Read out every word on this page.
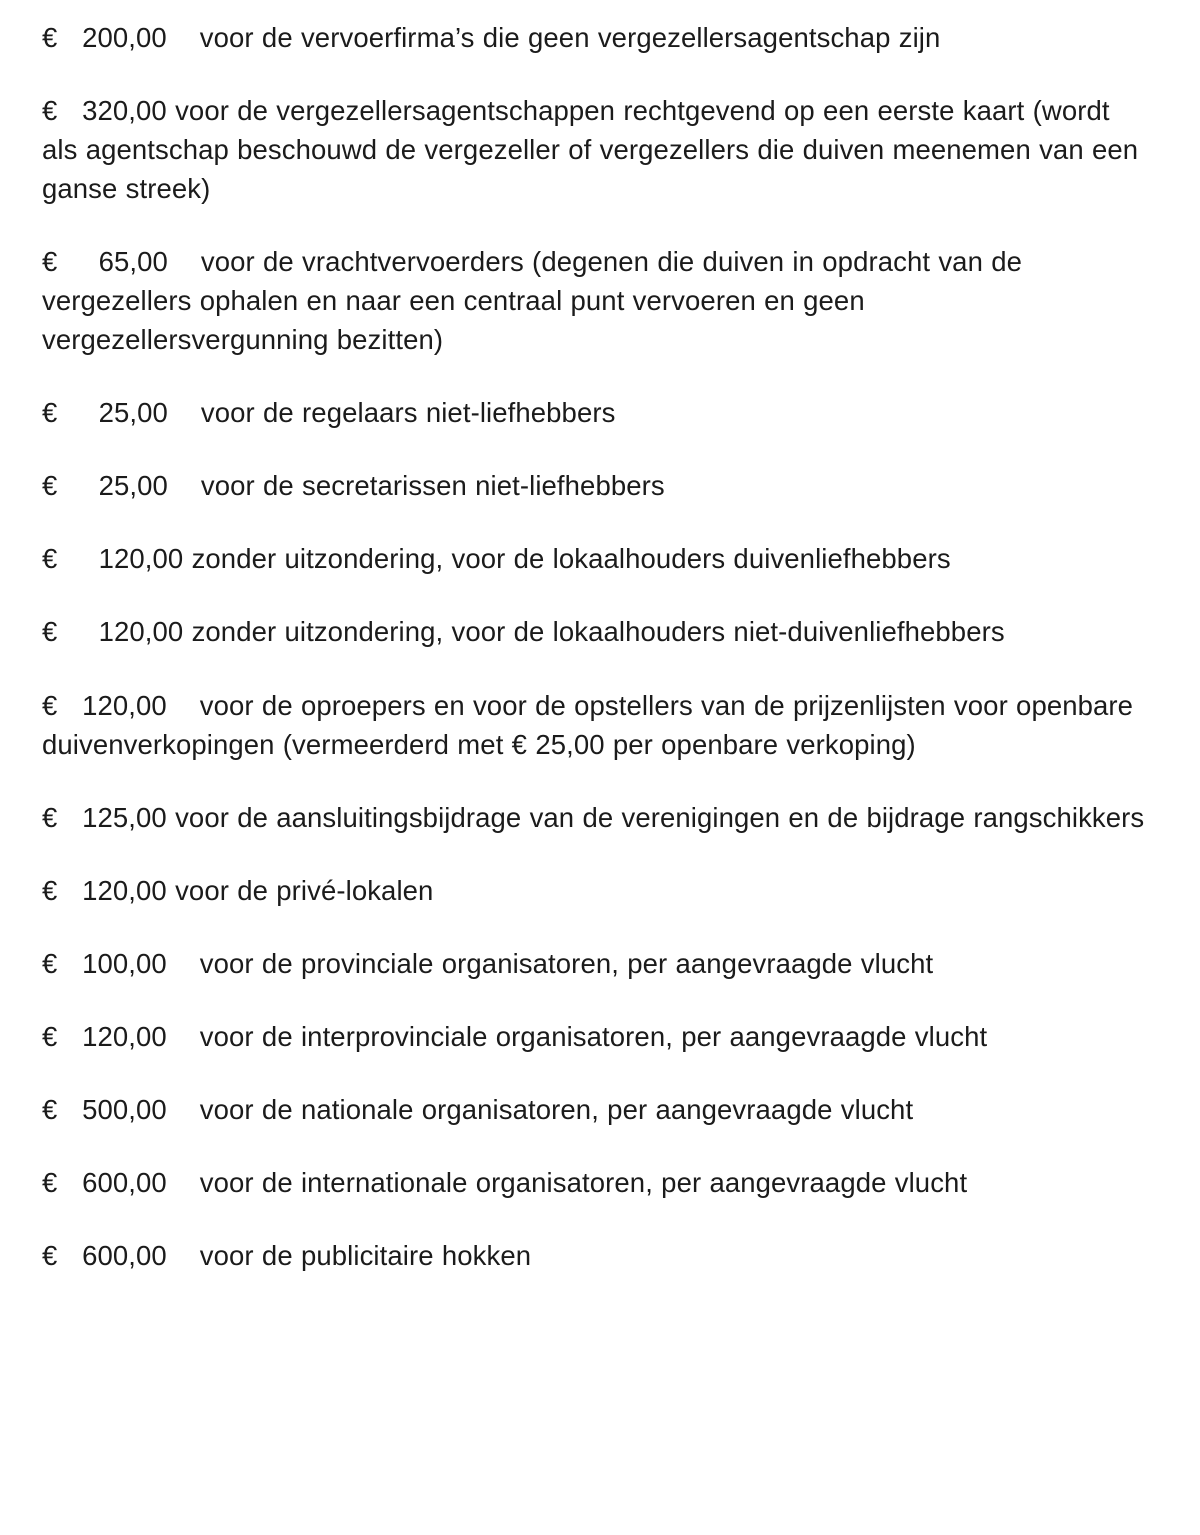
€   200,00    voor de vervoerfirma’s die geen vergezellersagentschap zijn

€   320,00 voor de vergezellersagentschappen rechtgevend op een eerste kaart (wordt als agentschap beschouwd de vergezeller of vergezellers die duiven meenemen van een ganse streek)

€     65,00    voor de vrachtvervoerders (degenen die duiven in opdracht van de vergezellers ophalen en naar een centraal punt vervoeren en geen vergezellersvergunning bezitten)

€     25,00    voor de regelaars niet-liefhebbers

€     25,00    voor de secretarissen niet-liefhebbers

€     120,00 zonder uitzondering, voor de lokaalhouders duivenliefhebbers

€     120,00 zonder uitzondering, voor de lokaalhouders niet-duivenliefhebbers

€   120,00    voor de oproepers en voor de opstellers van de prijzenlijsten voor openbare duivenverkopingen (vermeerderd met € 25,00 per openbare verkoping)

€   125,00 voor de aansluitingsbijdrage van de verenigingen en de bijdrage rangschikkers

€   120,00 voor de privé-lokalen

€   100,00    voor de provinciale organisatoren, per aangevraagde vlucht

€   120,00    voor de interprovinciale organisatoren, per aangevraagde vlucht

€   500,00    voor de nationale organisatoren, per aangevraagde vlucht

€   600,00    voor de internationale organisatoren, per aangevraagde vlucht

€   600,00    voor de publicitaire hokken
